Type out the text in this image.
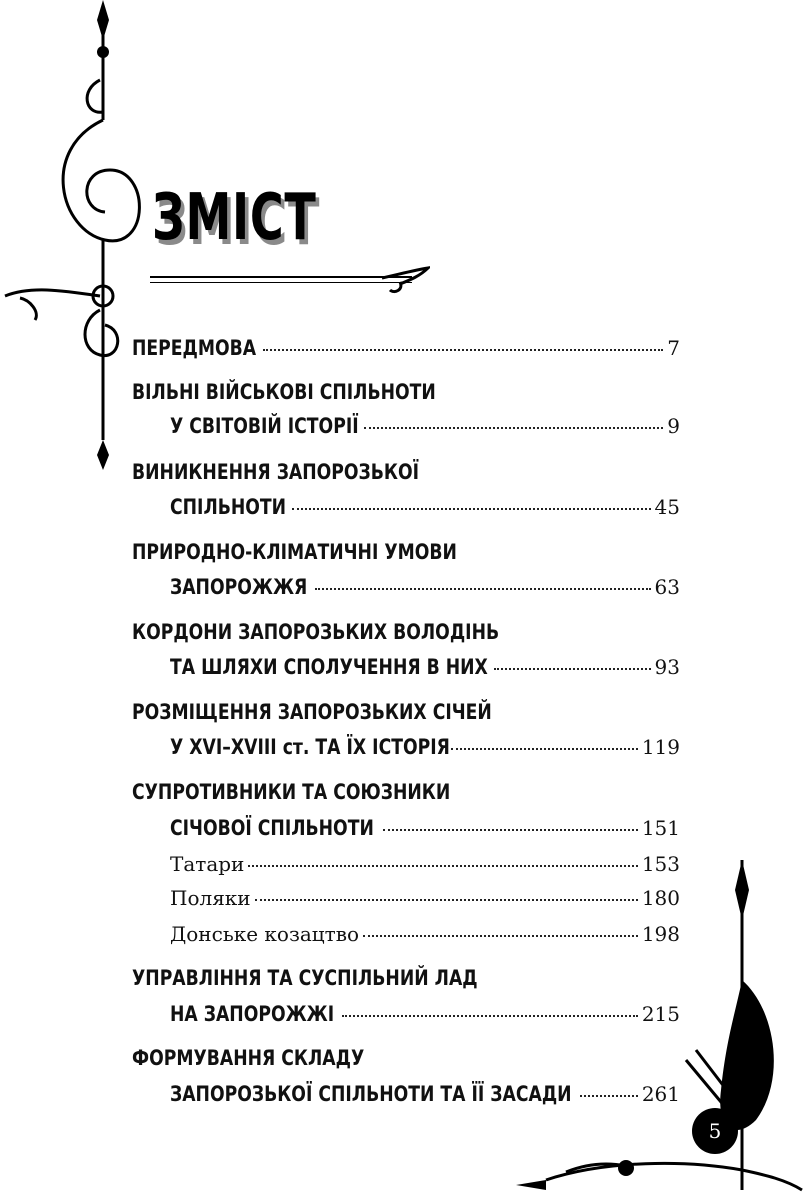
ЗМІСТ
ПЕРЕДМОВА	7
ВІЛЬНІ ВІЙСЬКОВІ СПІЛЬНОТИ
У СВІТОВІЙ ІСТОРІЇ	9
ВИНИКНЕННЯ ЗАПОРОЗЬКОЇ
СПІЛЬНОТИ	45
ПРИРОДНО-КЛІМАТИЧНІ УМОВИ
ЗАПОРОЖЖЯ	63
КОРДОНИ ЗАПОРОЗЬКИХ ВОЛОДІНЬ
ТА ШЛЯХИ СПОЛУЧЕННЯ В НИХ	93
РОЗМІЩЕННЯ ЗАПОРОЗЬКИХ СІЧЕЙ
У XVI–XVIII ст. ТА ЇХ ІСТОРІЯ	119
СУПРОТИВНИКИ ТА СОЮЗНИКИ
СІЧОВОЇ СПІЛЬНОТИ	151
Татари	153
Поляки	180
Донське козацтво	198
УПРАВЛІННЯ ТА СУСПІЛЬНИЙ ЛАД
НА ЗАПОРОЖЖІ	215
ФОРМУВАННЯ СКЛАДУ
ЗАПОРОЗЬКОЇ СПІЛЬНОТИ ТА ЇЇ ЗАСАДИ	261
5
